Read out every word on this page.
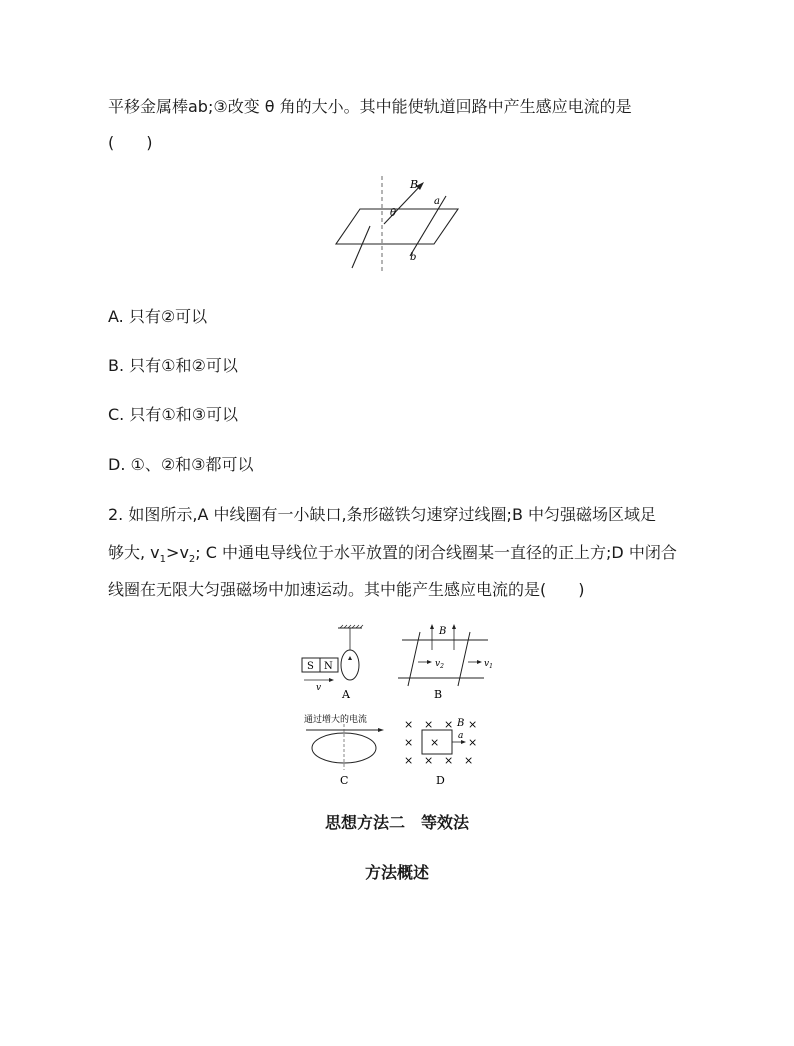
平移金属棒ab;③改变 θ 角的大小。其中能使轨道回路中产生感应电流的是
(　　)
B
θ
a
b
A. 只有②可以
B. 只有①和②可以
C. 只有①和③可以
D. ①、②和③都可以
2. 如图所示,A 中线圈有一小缺口,条形磁铁匀速穿过线圈;B 中匀强磁场区域足
够大, $v_1>v_2$; C 中通电导线位于水平放置的闭合线圈某一直径的正上方;D 中闭合
线圈在无限大匀强磁场中加速运动。其中能产生感应电流的是(　　)
S N
v A
B
$v_2$	$v_1$
B
通过增大的电流
C
× × × ×
B
× ×	×
× × × ×
a
D
思想方法二　等效法
方法概述
